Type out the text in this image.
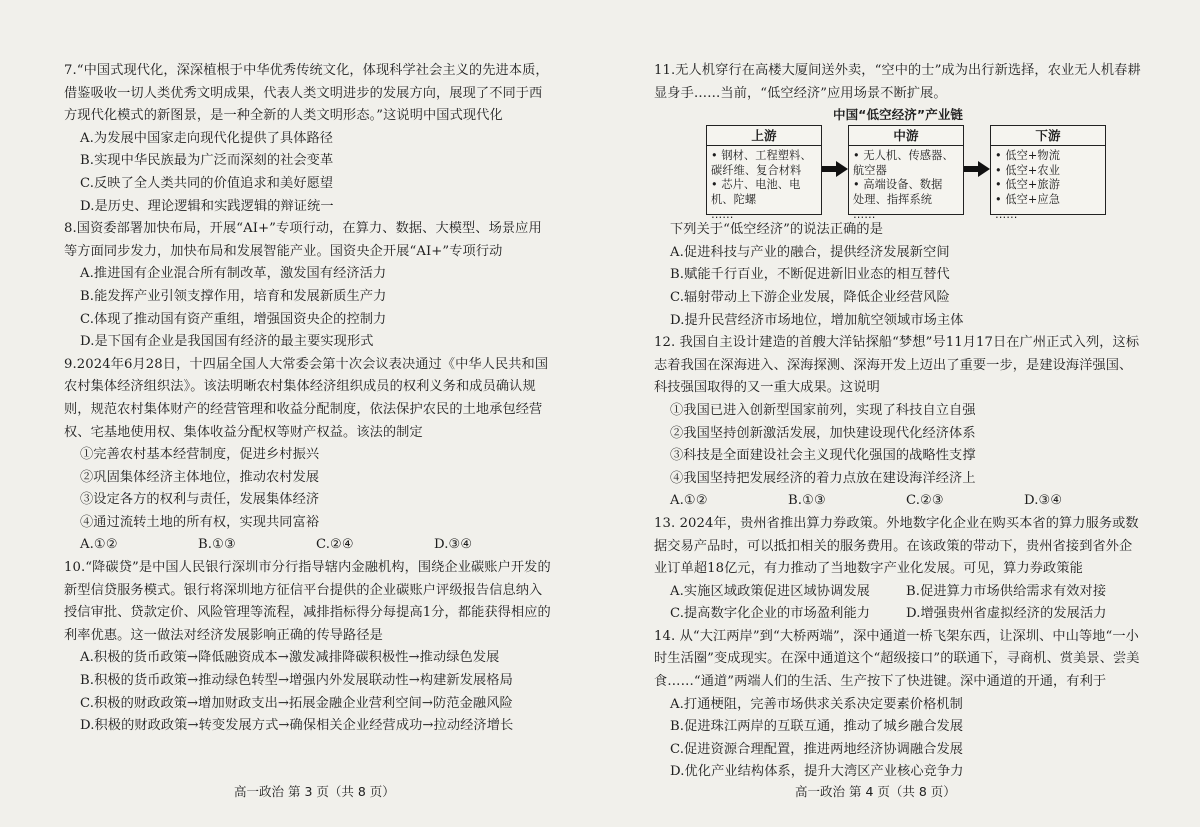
7.“中国式现代化，深深植根于中华优秀传统文化，体现科学社会主义的先进本质，借鉴吸收一切人类优秀文明成果，代表人类文明进步的发展方向，展现了不同于西方现代化模式的新图景，是一种全新的人类文明形态。”这说明中国式现代化

A.为发展中国家走向现代化提供了具体路径

B.实现中华民族最为广泛而深刻的社会变革

C.反映了全人类共同的价值追求和美好愿望

D.是历史、理论逻辑和实践逻辑的辩证统一

8.国资委部署加快布局，开展“AI+”专项行动，在算力、数据、大模型、场景应用等方面同步发力，加快布局和发展智能产业。国资央企开展“AI+”专项行动

A.推进国有企业混合所有制改革，激发国有经济活力

B.能发挥产业引领支撑作用，培育和发展新质生产力

C.体现了推动国有资产重组，增强国资央企的控制力

D.是下国有企业是我国国有经济的最主要实现形式

9.2024年6月28日，十四届全国人大常委会第十次会议表决通过《中华人民共和国农村集体经济组织法》。该法明晰农村集体经济组织成员的权利义务和成员确认规则，规范农村集体财产的经营管理和收益分配制度，依法保护农民的土地承包经营权、宅基地使用权、集体收益分配权等财产权益。该法的制定

①完善农村基本经营制度，促进乡村振兴

②巩固集体经济主体地位，推动农村发展

③设定各方的权利与责任，发展集体经济

④通过流转土地的所有权，实现共同富裕

A.①②	B.①③	C.②④	D.③④

10.“降碳贷”是中国人民银行深圳市分行指导辖内金融机构，围绕企业碳账户开发的新型信贷服务模式。银行将深圳地方征信平台提供的企业碳账户评级报告信息纳入授信审批、贷款定价、风险管理等流程，减排指标得分每提高1分，都能获得相应的利率优惠。这一做法对经济发展影响正确的传导路径是

A.积极的货币政策→降低融资成本→激发减排降碳积极性→推动绿色发展

B.积极的货币政策→推动绿色转型→增强内外发展联动性→构建新发展格局

C.积极的财政政策→增加财政支出→拓展金融企业营利空间→防范金融风险

D.积极的财政政策→转变发展方式→确保相关企业经营成功→拉动经济增长

高一政治 第 3 页（共 8 页）

11.无人机穿行在高楼大厦间送外卖，“空中的士”成为出行新选择，农业无人机春耕显身手……当前，“低空经济”应用场景不断扩展。

中国“低空经济”产业链

上游
• 钢材、工程塑料、
碳纤维、复合材料
• 芯片、电池、电
机、陀螺
……
中游
• 无人机、传感器、
航空器
• 高端设备、数据
处理、指挥系统
……
下游
• 低空+物流
• 低空+农业
• 低空+旅游
• 低空+应急
……

下列关于“低空经济”的说法正确的是

A.促进科技与产业的融合，提供经济发展新空间

B.赋能千行百业，不断促进新旧业态的相互替代

C.辐射带动上下游企业发展，降低企业经营风险

D.提升民营经济市场地位，增加航空领域市场主体

12. 我国自主设计建造的首艘大洋钻探船“梦想”号11月17日在广州正式入列，这标志着我国在深海进入、深海探测、深海开发上迈出了重要一步，是建设海洋强国、科技强国取得的又一重大成果。这说明

①我国已进入创新型国家前列，实现了科技自立自强

②我国坚持创新激活发展，加快建设现代化经济体系

③科技是全面建设社会主义现代化强国的战略性支撑

④我国坚持把发展经济的着力点放在建设海洋经济上

A.①②	B.①③	C.②③	D.③④

13. 2024年，贵州省推出算力券政策。外地数字化企业在购买本省的算力服务或数据交易产品时，可以抵扣相关的服务费用。在该政策的带动下，贵州省接到省外企业订单超18亿元，有力推动了当地数字产业化发展。可见，算力券政策能

A.实施区域政策促进区域协调发展	B.促进算力市场供给需求有效对接
C.提高数字化企业的市场盈利能力	D.增强贵州省虚拟经济的发展活力

14. 从“大江两岸”到“大桥两端”，深中通道一桥飞架东西，让深圳、中山等地“一小时生活圈”变成现实。在深中通道这个“超级接口”的联通下，寻商机、赏美景、尝美食……“通道”两端人们的生活、生产按下了快进键。深中通道的开通，有利于

A.打通梗阻，完善市场供求关系决定要素价格机制

B.促进珠江两岸的互联互通，推动了城乡融合发展

C.促进资源合理配置，推进两地经济协调融合发展

D.优化产业结构体系，提升大湾区产业核心竞争力

高一政治 第 4 页（共 8 页）
